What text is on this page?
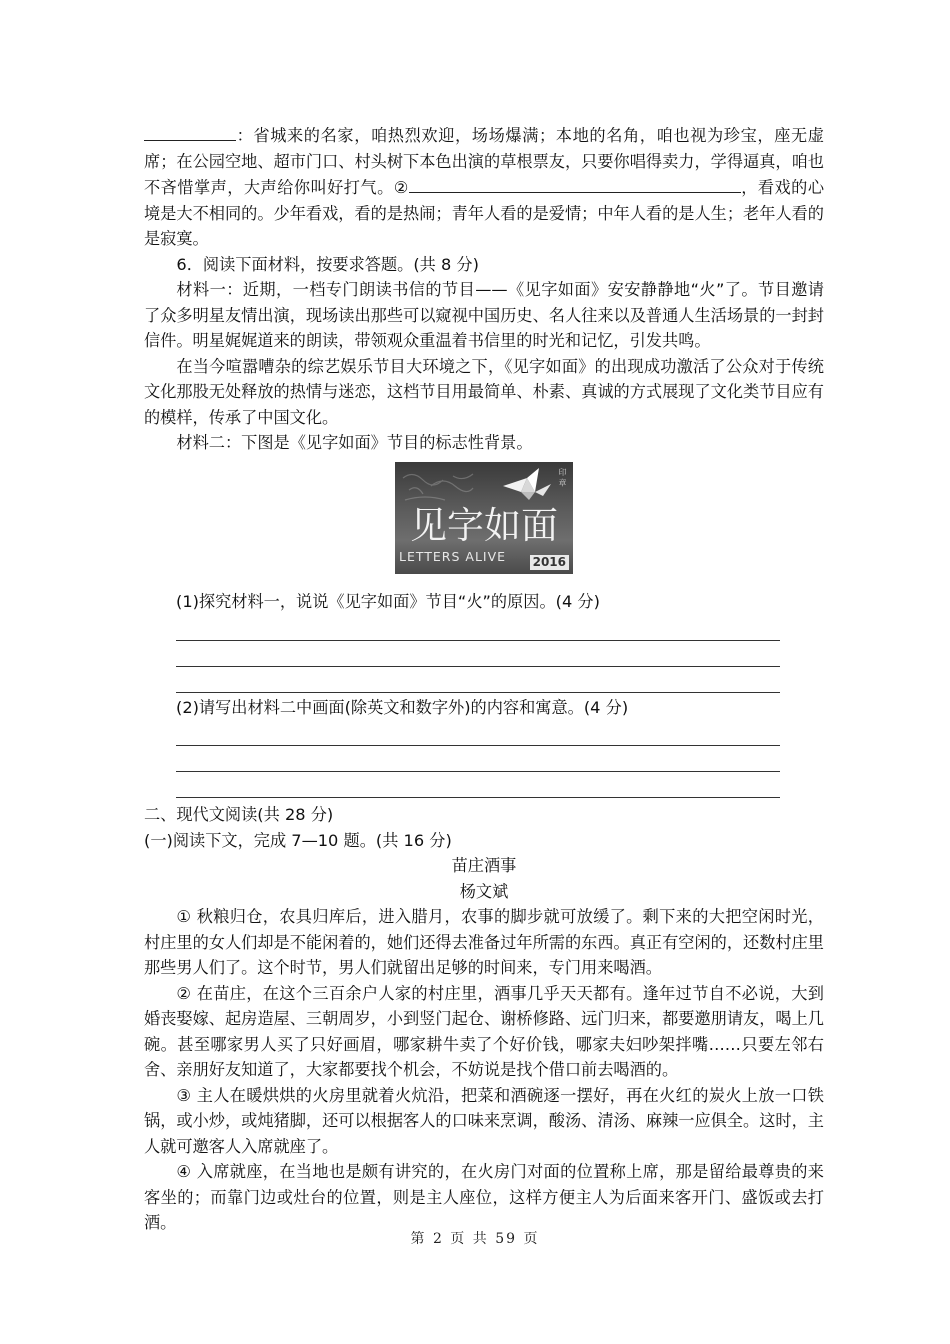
：省城来的名家，咱热烈欢迎，场场爆满；本地的名角，咱也视为珍宝，座无虚席；在公园空地、超市门口、村头树下本色出演的草根票友，只要你唱得卖力，学得逼真，咱也不吝惜掌声，大声给你叫好打气。②	，看戏的心境是大不相同的。少年看戏，看的是热闹；青年人看的是爱情；中年人看的是人生；老年人看的是寂寞。

6．阅读下面材料，按要求答题。(共 8 分)

材料一：近期，一档专门朗读书信的节目——《见字如面》安安静静地“火”了。节目邀请了众多明星友情出演，现场读出那些可以窥视中国历史、名人往来以及普通人生活场景的一封封信件。明星娓娓道来的朗读，带领观众重温着书信里的时光和记忆，引发共鸣。

在当今喧嚣嘈杂的综艺娱乐节目大环境之下，《见字如面》的出现成功激活了公众对于传统文化那股无处释放的热情与迷恋，这档节目用最简单、朴素、真诚的方式展现了文化类节目应有的模样，传承了中国文化。

材料二：下图是《见字如面》节目的标志性背景。

印 章
见字如面
LETTERS ALIVE 2016

(1)探究材料一，说说《见字如面》节目“火”的原因。(4 分)

(2)请写出材料二中画面(除英文和数字外)的内容和寓意。(4 分)

二、现代文阅读(共 28 分)

(一)阅读下文，完成 7—10 题。(共 16 分)

苗庄酒事

杨文斌

① 秋粮归仓，农具归库后，进入腊月，农事的脚步就可放缓了。剩下来的大把空闲时光，村庄里的女人们却是不能闲着的，她们还得去准备过年所需的东西。真正有空闲的，还数村庄里那些男人们了。这个时节，男人们就留出足够的时间来，专门用来喝酒。

② 在苗庄，在这个三百余户人家的村庄里，酒事几乎天天都有。逢年过节自不必说，大到婚丧娶嫁、起房造屋、三朝周岁，小到竖门起仓、谢桥修路、远门归来，都要邀朋请友，喝上几碗。甚至哪家男人买了只好画眉，哪家耕牛卖了个好价钱，哪家夫妇吵架拌嘴……只要左邻右舍、亲朋好友知道了，大家都要找个机会，不妨说是找个借口前去喝酒的。

③ 主人在暖烘烘的火房里就着火炕沿，把菜和酒碗逐一摆好，再在火红的炭火上放一口铁锅，或小炒，或炖猪脚，还可以根据客人的口味来烹调，酸汤、清汤、麻辣一应俱全。这时，主人就可邀客人入席就座了。

④ 入席就座，在当地也是颇有讲究的，在火房门对面的位置称上席，那是留给最尊贵的来客坐的；而靠门边或灶台的位置，则是主人座位，这样方便主人为后面来客开门、盛饭或去打酒。

第 2 页 共 59 页
